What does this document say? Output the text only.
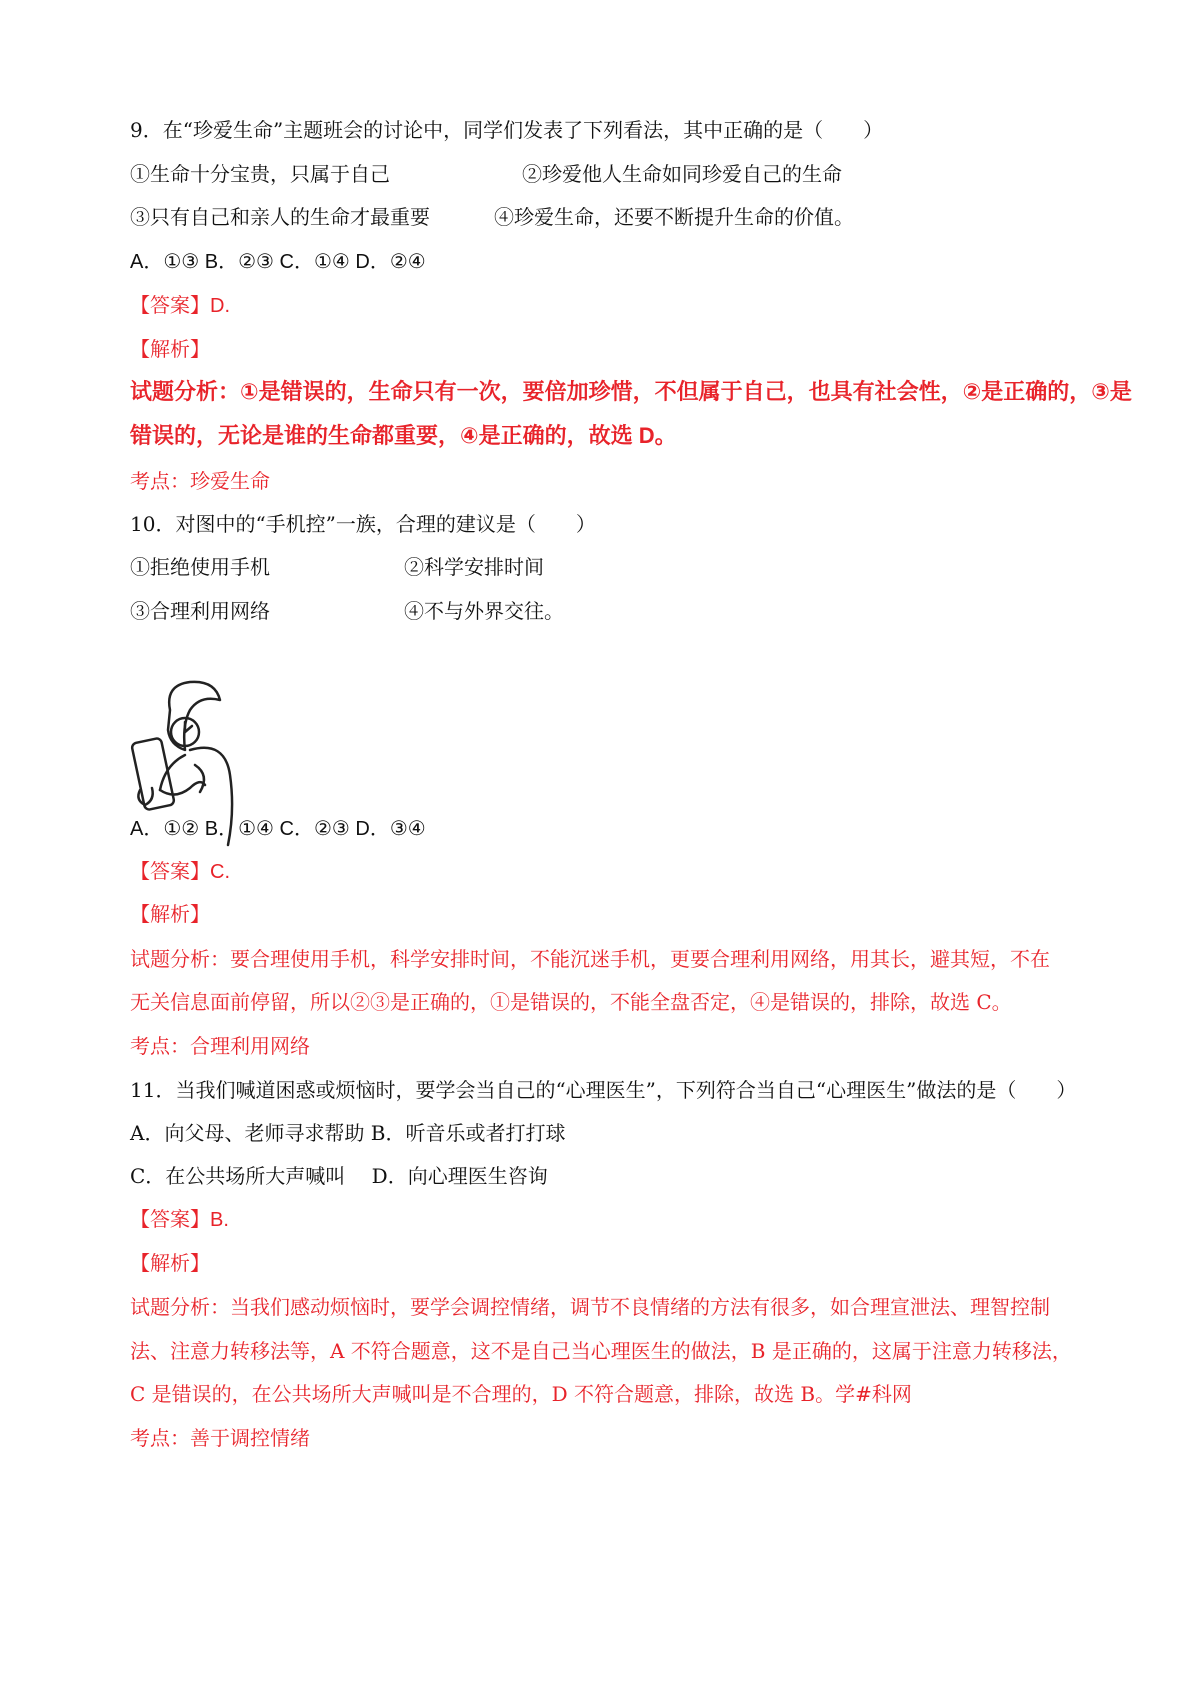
9．在“珍爱生命”主题班会的讨论中，同学们发表了下列看法，其中正确的是（　　）
①生命十分宝贵，只属于自己	②珍爱他人生命如同珍爱自己的生命
③只有自己和亲人的生命才最重要	④珍爱生命，还要不断提升生命的价值。
A．①③ B．②③ C．①④ D．②④
【答案】D.
【解析】
试题分析：①是错误的，生命只有一次，要倍加珍惜，不但属于自己，也具有社会性，②是正确的，③是
错误的，无论是谁的生命都重要，④是正确的，故选 D。
考点：珍爱生命
10．对图中的“手机控”一族，合理的建议是（　　）
①拒绝使用手机	②科学安排时间
③合理利用网络	④不与外界交往。
A．①② B．①④ C．②③ D．③④
【答案】C.
【解析】
试题分析：要合理使用手机，科学安排时间，不能沉迷手机，更要合理利用网络，用其长，避其短，不在
无关信息面前停留，所以②③是正确的，①是错误的，不能全盘否定，④是错误的，排除，故选 C。
考点：合理利用网络
11．当我们喊道困惑或烦恼时，要学会当自己的“心理医生”，下列符合当自己“心理医生”做法的是（　　）
A．向父母、老师寻求帮助 B．听音乐或者打打球
C．在公共场所大声喊叫　 D．向心理医生咨询
【答案】B.
【解析】
试题分析：当我们感动烦恼时，要学会调控情绪，调节不良情绪的方法有很多，如合理宣泄法、理智控制
法、注意力转移法等，A 不符合题意，这不是自己当心理医生的做法，B 是正确的，这属于注意力转移法，
C 是错误的，在公共场所大声喊叫是不合理的，D 不符合题意，排除，故选 B。学#科网
考点：善于调控情绪
